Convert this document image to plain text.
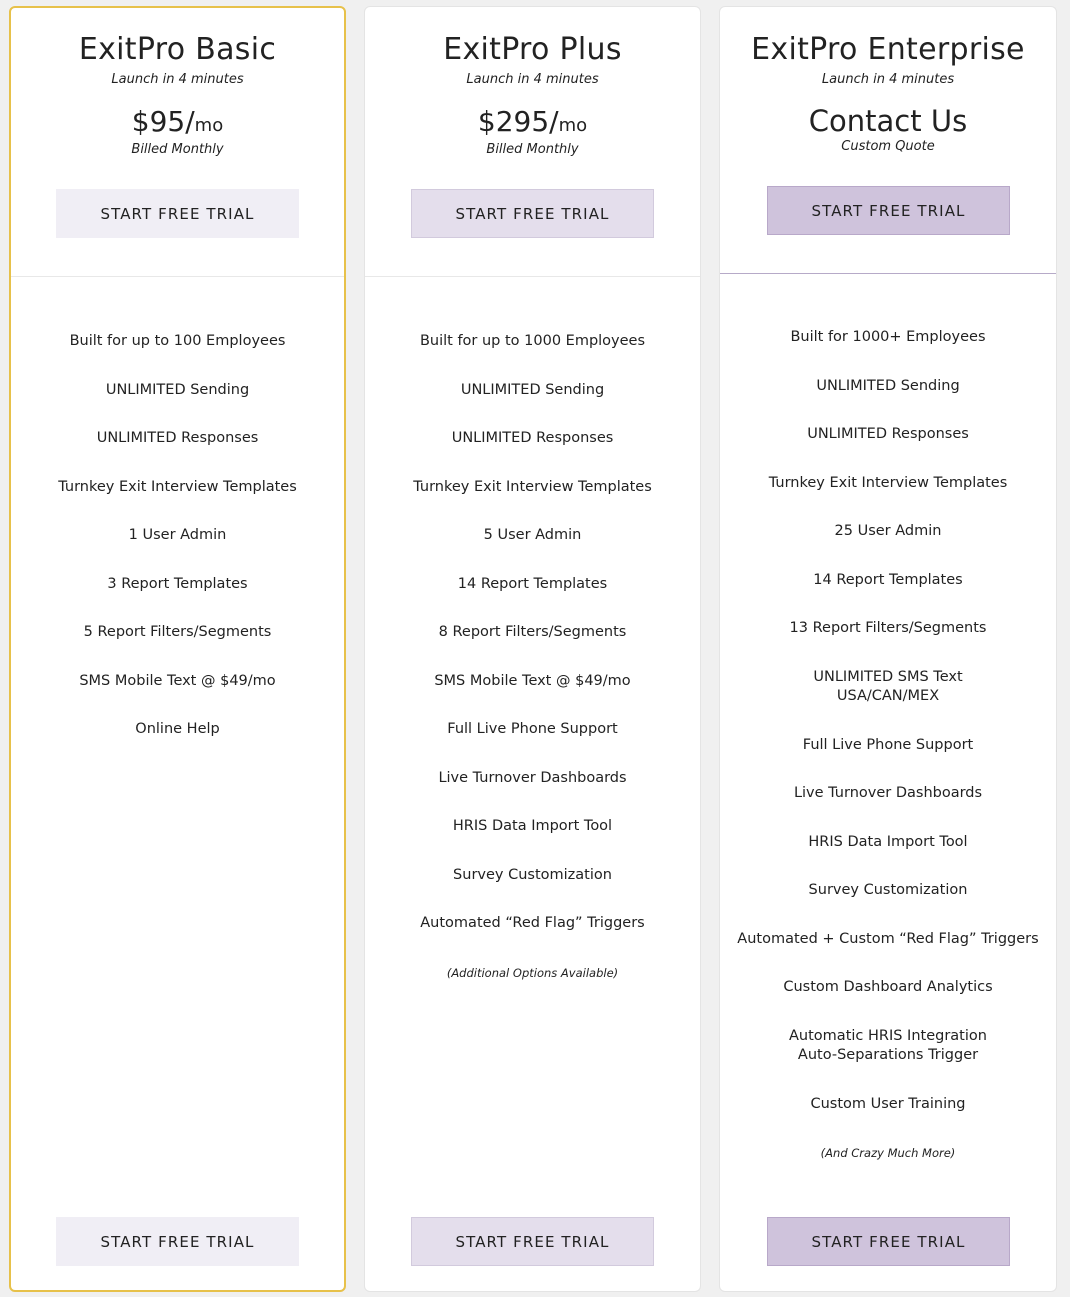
ExitPro Basic
Launch in 4 minutes
$95/mo
Billed Monthly
START FREE TRIAL
Built for up to 100 Employees
UNLIMITED Sending
UNLIMITED Responses
Turnkey Exit Interview Templates
1 User Admin
3 Report Templates
5 Report Filters/Segments
SMS Mobile Text @ $49/mo
Online Help
START FREE TRIAL
ExitPro Plus
Launch in 4 minutes
$295/mo
Billed Monthly
START FREE TRIAL
Built for up to 1000 Employees
UNLIMITED Sending
UNLIMITED Responses
Turnkey Exit Interview Templates
5 User Admin
14 Report Templates
8 Report Filters/Segments
SMS Mobile Text @ $49/mo
Full Live Phone Support
Live Turnover Dashboards
HRIS Data Import Tool
Survey Customization
Automated “Red Flag” Triggers
(Additional Options Available)
START FREE TRIAL
ExitPro Enterprise
Launch in 4 minutes
Contact Us
Custom Quote
START FREE TRIAL
Built for 1000+ Employees
UNLIMITED Sending
UNLIMITED Responses
Turnkey Exit Interview Templates
25 User Admin
14 Report Templates
13 Report Filters/Segments
UNLIMITED SMS Text
USA/CAN/MEX
Full Live Phone Support
Live Turnover Dashboards
HRIS Data Import Tool
Survey Customization
Automated + Custom “Red Flag” Triggers
Custom Dashboard Analytics
Automatic HRIS Integration
Auto-Separations Trigger
Custom User Training
(And Crazy Much More)
START FREE TRIAL
